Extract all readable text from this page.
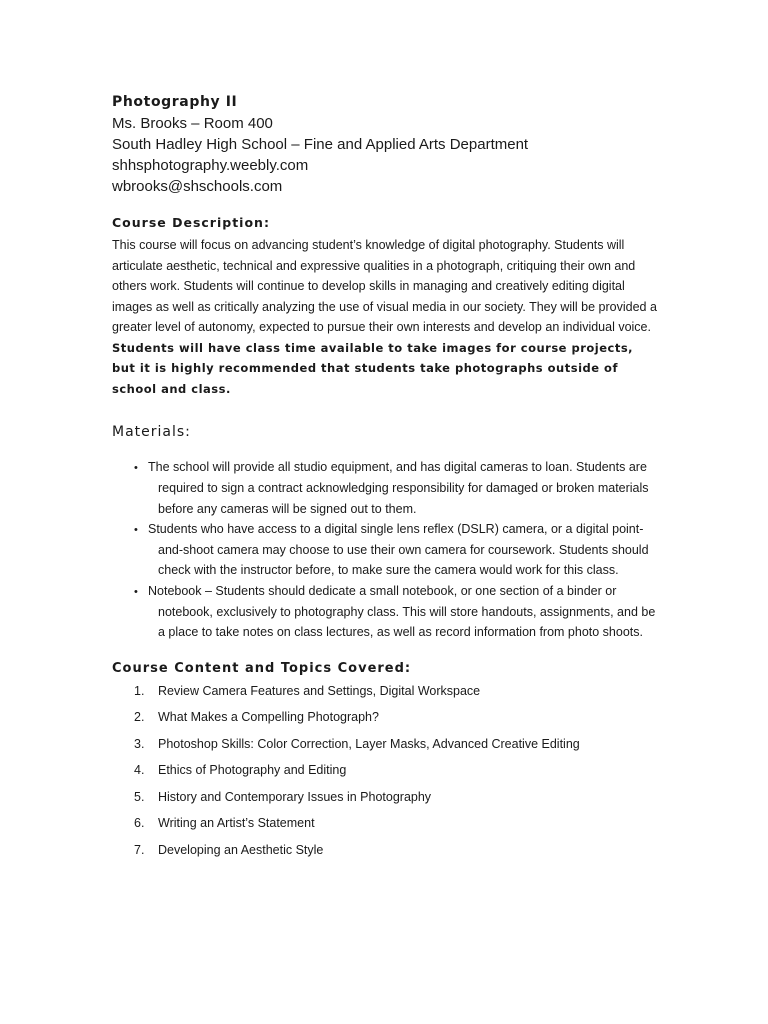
Photography II

Ms. Brooks – Room 400

South Hadley High School – Fine and Applied Arts Department

shhsphotography.weebly.com

wbrooks@shschools.com

Course Description:

This course will focus on advancing student’s knowledge of digital photography. Students will articulate aesthetic, technical and expressive qualities in a photograph, critiquing their own and others work. Students will continue to develop skills in managing and creatively editing digital images as well as critically analyzing the use of visual media in our society. They will be provided a greater level of autonomy, expected to pursue their own interests and develop an individual voice. Students will have class time available to take images for course projects, but it is highly recommended that students take photographs outside of school and class.

Materials:

• The school will provide all studio equipment, and has digital cameras to loan. Students are required to sign a contract acknowledging responsibility for damaged or broken materials before any cameras will be signed out to them.
• Students who have access to a digital single lens reflex (DSLR) camera, or a digital point-and-shoot camera may choose to use their own camera for coursework. Students should check with the instructor before, to make sure the camera would work for this class.
• Notebook – Students should dedicate a small notebook, or one section of a binder or notebook, exclusively to photography class. This will store handouts, assignments, and be a place to take notes on class lectures, as well as record information from photo shoots.

Course Content and Topics Covered:

1. Review Camera Features and Settings, Digital Workspace
2. What Makes a Compelling Photograph?
3. Photoshop Skills: Color Correction, Layer Masks, Advanced Creative Editing
4. Ethics of Photography and Editing
5. History and Contemporary Issues in Photography
6. Writing an Artist’s Statement
7. Developing an Aesthetic Style
